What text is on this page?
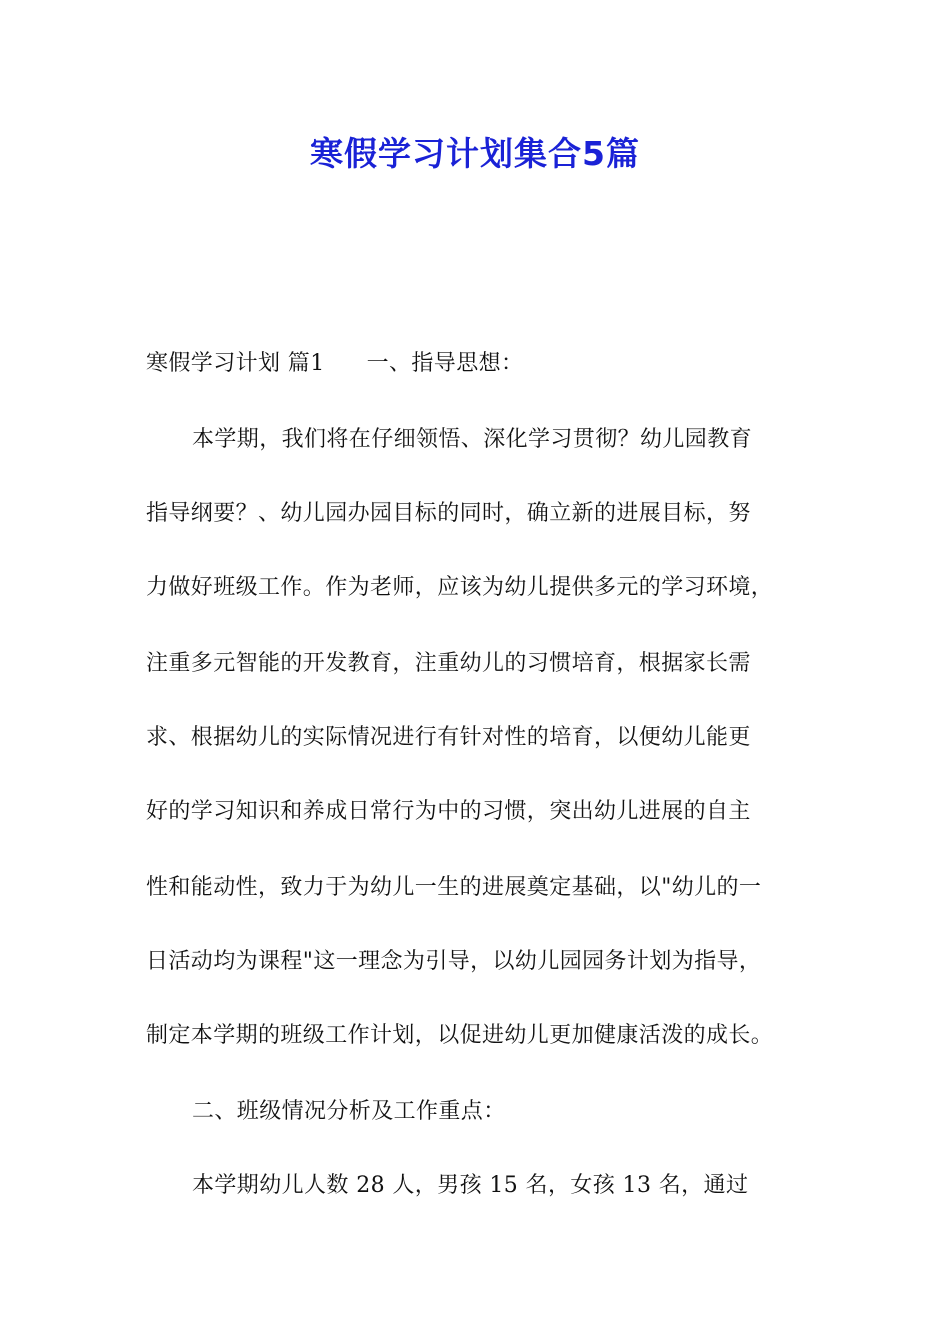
寒假学习计划集合5篇
寒假学习计划 篇1 一、指导思想：
本学期，我们将在仔细领悟、深化学习贯彻？幼儿园教育
指导纲要？、幼儿园办园目标的同时，确立新的进展目标，努
力做好班级工作。作为老师，应该为幼儿提供多元的学习环境，
注重多元智能的开发教育，注重幼儿的习惯培育，根据家长需
求、根据幼儿的实际情况进行有针对性的培育，以便幼儿能更
好的学习知识和养成日常行为中的习惯，突出幼儿进展的自主
性和能动性，致力于为幼儿一生的进展奠定基础，以"幼儿的一
日活动均为课程"这一理念为引导，以幼儿园园务计划为指导，
制定本学期的班级工作计划，以促进幼儿更加健康活泼的成长。
二、班级情况分析及工作重点：
本学期幼儿人数 28 人，男孩 15 名，女孩 13 名，通过
